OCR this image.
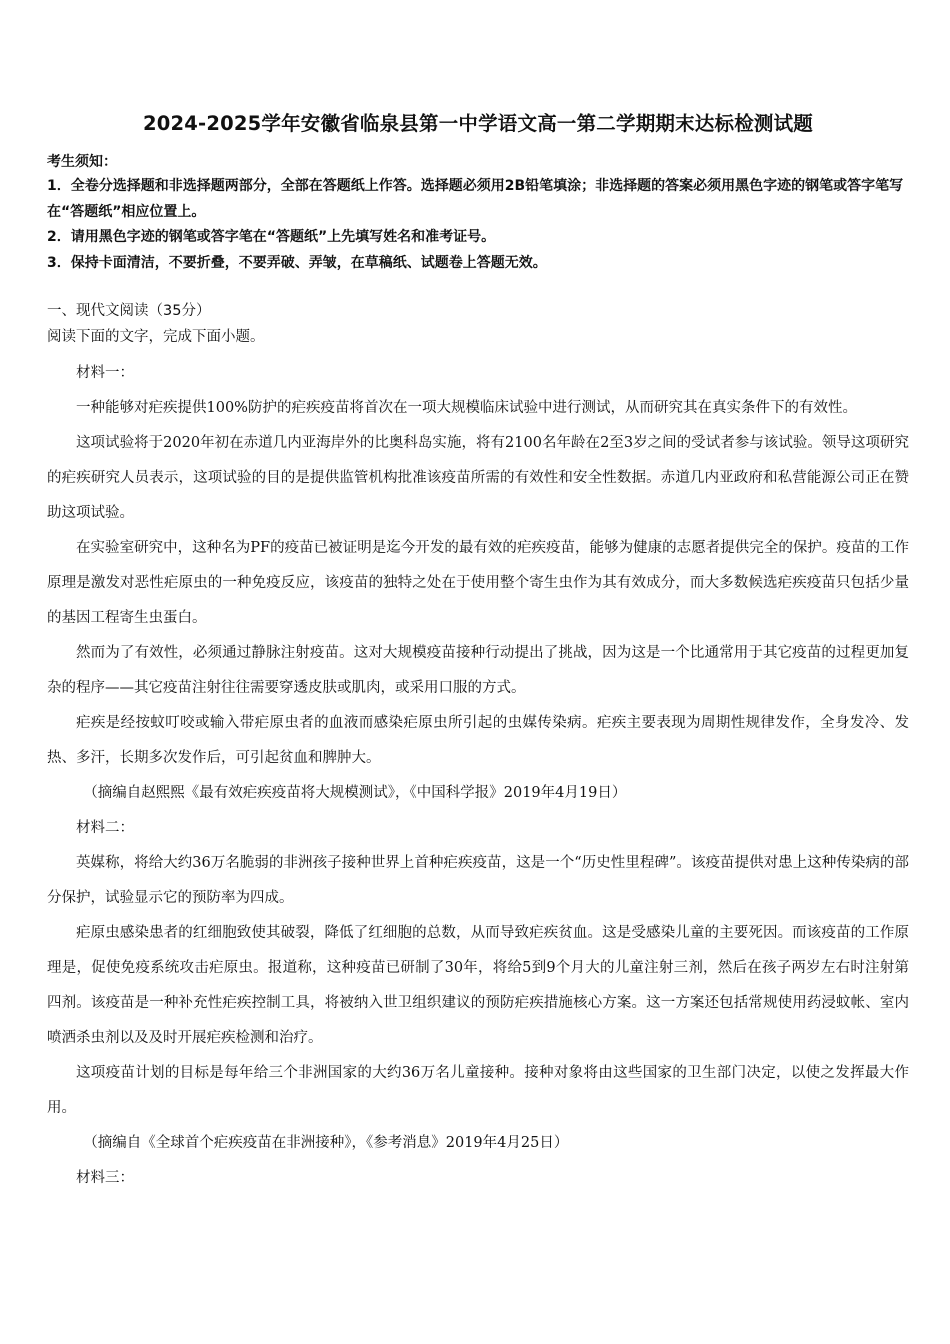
2024-2025学年安徽省临泉县第一中学语文高一第二学期期末达标检测试题
考生须知：

1．全卷分选择题和非选择题两部分，全部在答题纸上作答。选择题必须用2B铅笔填涂；非选择题的答案必须用黑色字迹的钢笔或答字笔写在“答题纸”相应位置上。

2．请用黑色字迹的钢笔或答字笔在“答题纸”上先填写姓名和准考证号。

3．保持卡面清洁，不要折叠，不要弄破、弄皱，在草稿纸、试题卷上答题无效。

一、现代文阅读（35分）
阅读下面的文字，完成下面小题。

材料一：

一种能够对疟疾提供100%防护的疟疾疫苗将首次在一项大规模临床试验中进行测试，从而研究其在真实条件下的有效性。

这项试验将于2020年初在赤道几内亚海岸外的比奥科岛实施，将有2100名年龄在2至3岁之间的受试者参与该试验。领导这项研究的疟疾研究人员表示，这项试验的目的是提供监管机构批准该疫苗所需的有效性和安全性数据。赤道几内亚政府和私营能源公司正在赞助这项试验。

在实验室研究中，这种名为PF的疫苗已被证明是迄今开发的最有效的疟疾疫苗，能够为健康的志愿者提供完全的保护。疫苗的工作原理是激发对恶性疟原虫的一种免疫反应，该疫苗的独特之处在于使用整个寄生虫作为其有效成分，而大多数候选疟疾疫苗只包括少量的基因工程寄生虫蛋白。

然而为了有效性，必须通过静脉注射疫苗。这对大规模疫苗接种行动提出了挑战，因为这是一个比通常用于其它疫苗的过程更加复杂的程序——其它疫苗注射往往需要穿透皮肤或肌肉，或采用口服的方式。

疟疾是经按蚊叮咬或输入带疟原虫者的血液而感染疟原虫所引起的虫媒传染病。疟疾主要表现为周期性规律发作，全身发冷、发热、多汗，长期多次发作后，可引起贫血和脾肿大。

（摘编自赵熙熙《最有效疟疾疫苗将大规模测试》，《中国科学报》2019年4月19日）

材料二：

英媒称，将给大约36万名脆弱的非洲孩子接种世界上首种疟疾疫苗，这是一个“历史性里程碑”。该疫苗提供对患上这种传染病的部分保护，试验显示它的预防率为四成。

疟原虫感染患者的红细胞致使其破裂，降低了红细胞的总数，从而导致疟疾贫血。这是受感染儿童的主要死因。而该疫苗的工作原理是，促使免疫系统攻击疟原虫。报道称，这种疫苗已研制了30年，将给5到9个月大的儿童注射三剂，然后在孩子两岁左右时注射第四剂。该疫苗是一种补充性疟疾控制工具，将被纳入世卫组织建议的预防疟疾措施核心方案。这一方案还包括常规使用药浸蚊帐、室内喷洒杀虫剂以及及时开展疟疾检测和治疗。

这项疫苗计划的目标是每年给三个非洲国家的大约36万名儿童接种。接种对象将由这些国家的卫生部门决定，以使之发挥最大作用。

（摘编自《全球首个疟疾疫苗在非洲接种》，《参考消息》2019年4月25日）

材料三：
